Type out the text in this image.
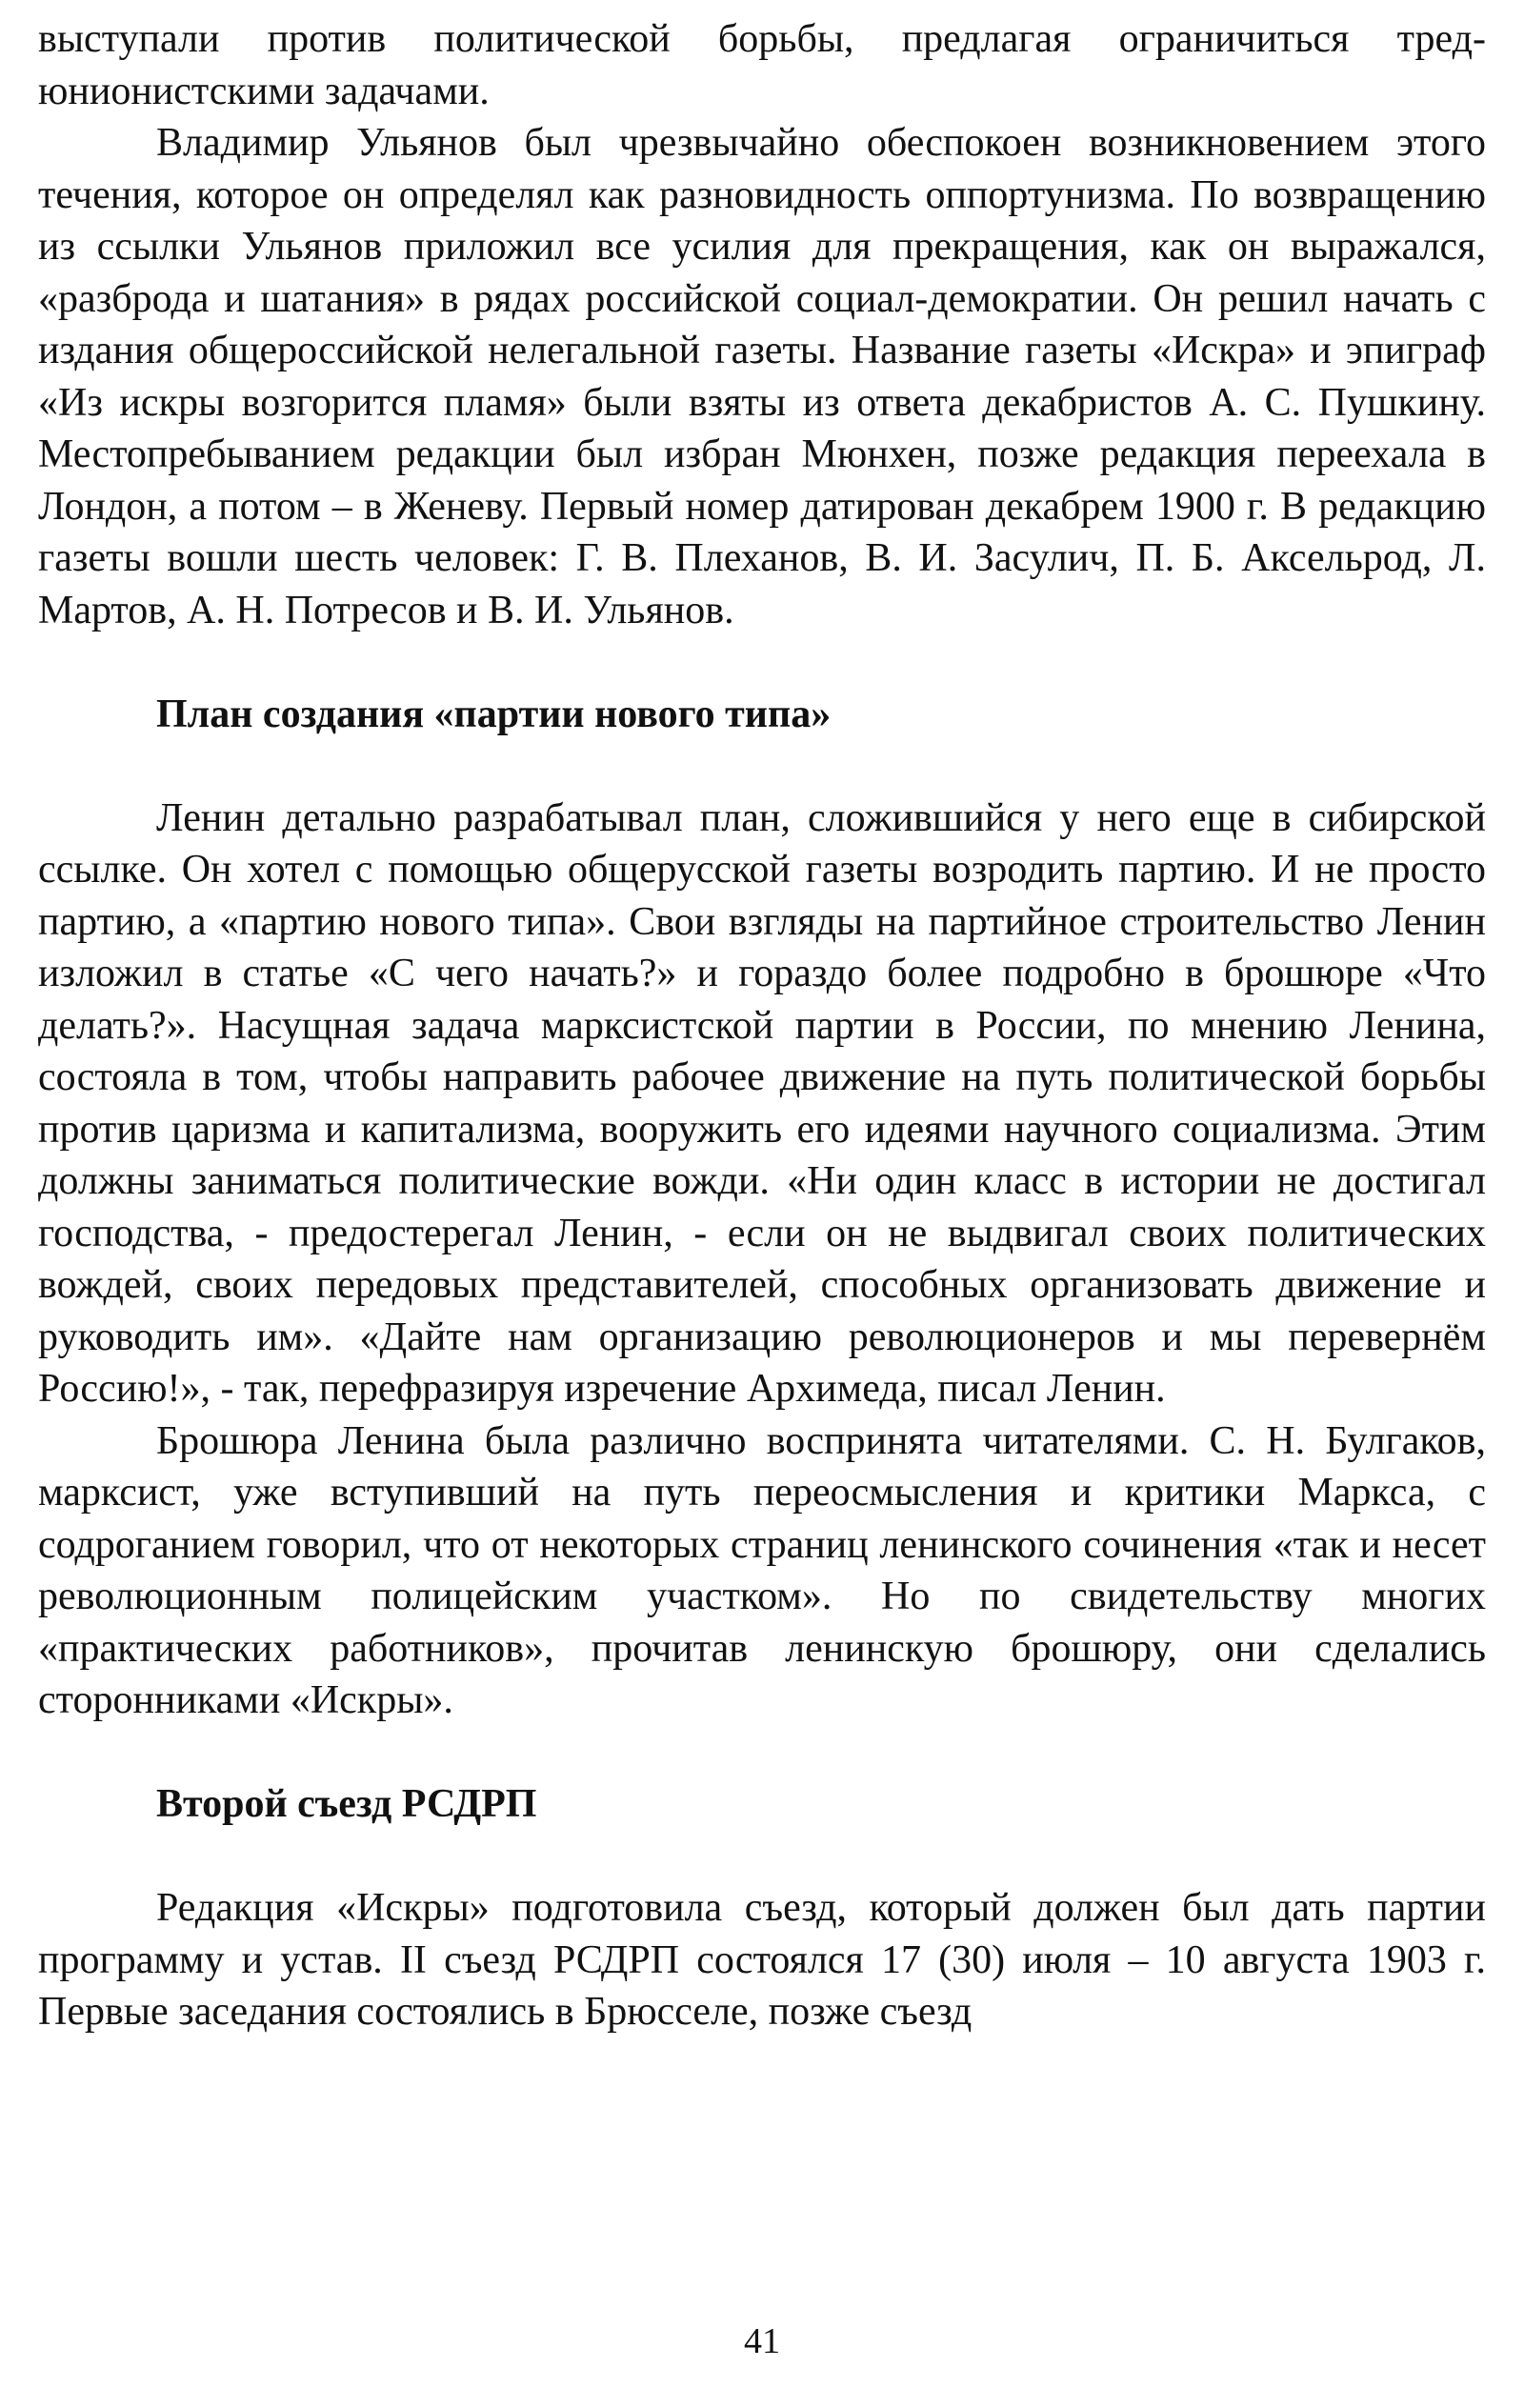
выступали против политической борьбы, предлагая ограничиться тред-юнионистскими задачами.

Владимир Ульянов был чрезвычайно обеспокоен возникновением этого течения, которое он определял как разновидность оппортунизма. По возвращению из ссылки Ульянов приложил все усилия для прекращения, как он выражался, «разброда и шатания» в рядах российской социал-демократии. Он решил начать с издания общероссийской нелегальной газеты. Название газеты «Искра» и эпиграф «Из искры возгорится пламя» были взяты из ответа декабристов А. С. Пушкину. Местопребыванием редакции был избран Мюнхен, позже редакция переехала в Лондон, а потом – в Женеву. Первый номер датирован декабрем 1900 г. В редакцию газеты вошли шесть человек: Г. В. Плеханов, В. И. Засулич, П. Б. Аксельрод, Л. Мартов, А. Н. Потресов и В. И. Ульянов.

План создания «партии нового типа»

Ленин детально разрабатывал план, сложившийся у него еще в сибирской ссылке. Он хотел с помощью общерусской газеты возродить партию. И не просто партию, а «партию нового типа». Свои взгляды на партийное строительство Ленин изложил в статье «С чего начать?» и гораздо более подробно в брошюре «Что делать?». Насущная задача марксистской партии в России, по мнению Ленина, состояла в том, чтобы направить рабочее движение на путь политической борьбы против царизма и капитализма, вооружить его идеями научного социализма. Этим должны заниматься политические вожди. «Ни один класс в истории не достигал господства, - предостерегал Ленин, - если он не выдвигал своих политических вождей, своих передовых представителей, способных организовать движение и руководить им». «Дайте нам организацию революционеров и мы перевернём Россию!», - так, перефразируя изречение Архимеда, писал Ленин.

Брошюра Ленина была различно воспринята читателями. С. Н. Булгаков, марксист, уже вступивший на путь переосмысления и критики Маркса, с содроганием говорил, что от некоторых страниц ленинского сочинения «так и несет революционным полицейским участком». Но по свидетельству многих «практических работников», прочитав ленинскую брошюру, они сделались сторонниками «Искры».

Второй съезд РСДРП

Редакция «Искры» подготовила съезд, который должен был дать партии программу и устав. II съезд РСДРП состоялся 17 (30) июля – 10 августа 1903 г. Первые заседания состоялись в Брюсселе, позже съезд

41
